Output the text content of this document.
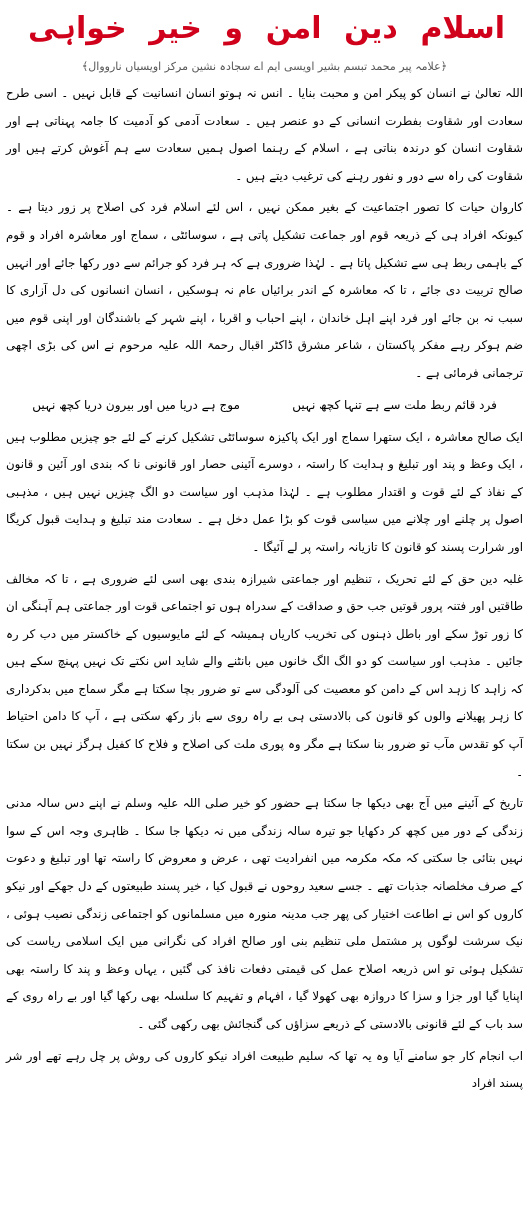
اسلام
دین
امن
و
خیر
خواہی
﴿علامہ پیر محمد تبسم بشیر اویسی ایم اے سجادہ نشین مرکز اویسیاں نارووال﴾

اللہ تعالیٰ نے انسان کو پیکر امن و محبت بنایا ۔ انس نہ ہوتو انسان انسانیت کے قابل نہیں ۔ اسی طرح سعادت اور شقاوت بفطرت انسانی کے دو عنصر ہیں ۔ سعادت آدمی کو آدمیت کا جامہ پہناتی ہے اور شقاوت انسان کو درندہ بناتی ہے ، اسلام کے رہنما اصول ہمیں سعادت سے ہم آغوش کرتے ہیں اور شقاوت کی راہ سے دور و نفور رہنے کی ترغیب دیتے ہیں ۔

کاروان حیات کا تصور اجتماعیت کے بغیر ممکن نہیں ، اس لئے اسلام فرد کی اصلاح پر زور دیتا ہے ۔ کیونکہ افراد ہی کے ذریعہ قوم اور جماعت تشکیل پاتی ہے ، سوسائٹی ، سماج اور معاشرہ افراد و قوم کے باہمی ربط ہی سے تشکیل پاتا ہے ۔ لہٰذا ضروری ہے کہ ہر فرد کو جرائم سے دور رکھا جائے اور انہیں صالح تربیت دی جائے ، تا کہ معاشرہ کے اندر برائیاں عام نہ ہوسکیں ، انسان انسانوں کی دل آزاری کا سبب نہ بن جائے اور فرد اپنے اہل خاندان ، اپنے احباب و اقربا ، اپنے شہر کے باشندگان اور اپنی قوم میں ضم ہوکر رہے مفکر پاکستان ، شاعر مشرق ڈاکٹر اقبال رحمۃ اللہ علیہ مرحوم نے اس کی بڑی اچھی ترجمانی فرمائی ہے ۔

فرد قائم ربط ملت سے ہے تنہا کچھ نہیں
موج ہے دریا میں اور بیرون دریا کچھ نہیں

ایک صالح معاشرہ ، ایک ستھرا سماج اور ایک پاکیزہ سوسائٹی تشکیل کرنے کے لئے جو چیزیں مطلوب ہیں ، ایک وعظ و پند اور تبلیغ و ہدایت کا راستہ ، دوسرے آئینی حصار اور قانونی نا کہ بندی اور آئین و قانون کے نفاذ کے لئے قوت و اقتدار مطلوب ہے ۔ لہٰذا مذہب اور سیاست دو الگ چیزیں نہیں ہیں ، مذہبی اصول پر چلنے اور چلانے میں سیاسی قوت کو بڑا عمل دخل ہے ۔ سعادت مند تبلیغ و ہدایت قبول کریگا اور شرارت پسند کو قانون کا تازیانہ راستہ پر لے آئیگا ۔

غلبہ دین حق کے لئے تحریک ، تنظیم اور جماعتی شیرازہ بندی بھی اسی لئے ضروری ہے ، تا کہ مخالف طاقتیں اور فتنہ پرور قوتیں جب حق و صداقت کے سدراہ ہوں تو اجتماعی قوت اور جماعتی ہم آہنگی ان کا زور توڑ سکے اور باطل ذہنوں کی تخریب کاریاں ہمیشہ کے لئے مایوسیوں کے خاکستر میں دب کر رہ جائیں ۔ مذہب اور سیاست کو دو الگ الگ خانوں میں بانٹنے والے شاید اس نکتے تک نہیں پہنچ سکے ہیں کہ زاہد کا زہد اس کے دامن کو معصیت کی آلودگی سے تو ضرور بچا سکتا ہے مگر سماج میں بدکرداری کا زہر پھیلانے والوں کو قانون کی بالادستی ہی بے راہ روی سے باز رکھ سکتی ہے ، آپ کا دامن احتیاط آپ کو تقدس مآب تو ضرور بنا سکتا ہے مگر وہ پوری ملت کی اصلاح و فلاح کا کفیل ہرگز نہیں بن سکتا ۔

تاریخ کے آئینے میں آج بھی دیکھا جا سکتا ہے حضور کو خیر صلی اللہ علیہ وسلم نے اپنے دس سالہ مدنی زندگی کے دور میں کچھ کر دکھایا جو تیرہ سالہ زندگی میں نہ دیکھا جا سکا ۔ ظاہری وجہ اس کے سوا نہیں بتائی جا سکتی کہ مکہ مکرمہ میں انفرادیت تھی ، عرض و معروض کا راستہ تھا اور تبلیغ و دعوت کے صرف مخلصانہ جذبات تھے ۔ جسے سعید روحوں نے قبول کیا ، خیر پسند طبیعتوں کے دل جھکے اور نیکو کاروں کو اس نے اطاعت اختیار کی پھر جب مدینہ منورہ میں مسلمانوں کو اجتماعی زندگی نصیب ہوئی ، نیک سرشت لوگوں پر مشتمل ملی تنظیم بنی اور صالح افراد کی نگرانی میں ایک اسلامی ریاست کی تشکیل ہوئی تو اس ذریعہ اصلاح عمل کی قیمتی دفعات نافذ کی گئیں ، یہاں وعظ و پند کا راستہ بھی اپنایا گیا اور جزا و سزا کا دروازہ بھی کھولا گیا ، افہام و تفہیم کا سلسلہ بھی رکھا گیا اور بے راہ روی کے سد باب کے لئے قانونی بالادستی کے ذریعے سزاؤں کی گنجائش بھی رکھی گئی ۔

اب انجام کار جو سامنے آیا وہ یہ تھا کہ سلیم طبیعت افراد نیکو کاروں کی روش پر چل رہے تھے اور شر پسند افراد
